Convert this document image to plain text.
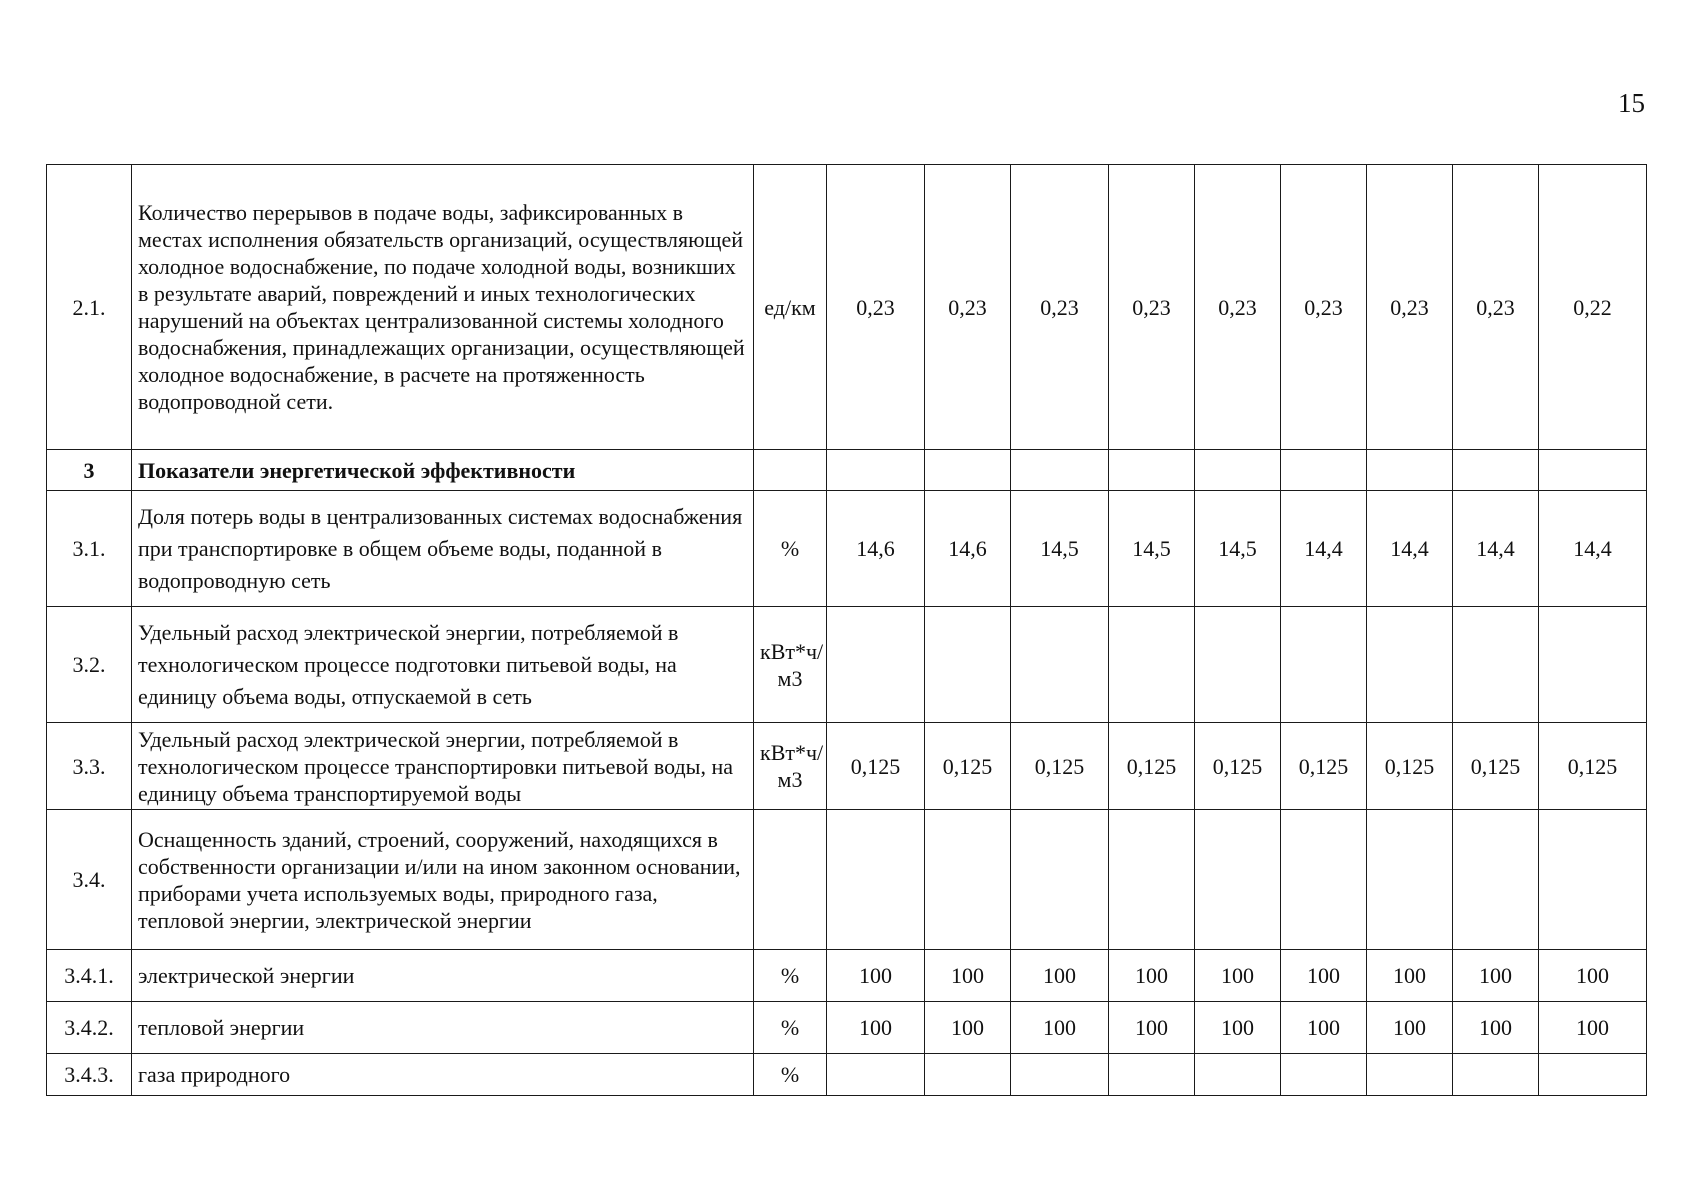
15
2.1.	Количество перерывов в подаче воды, зафиксированных в местах исполнения обязательств организаций, осуществляющей холодное водоснабжение, по подаче холодной воды, возникших в результате аварий, повреждений и иных технологических нарушений на объектах централизованной системы холодного водоснабжения, принадлежащих организации, осуществляющей холодное водоснабжение, в расчете на протяженность водопроводной сети.	ед/км	0,23	0,23	0,23	0,23	0,23	0,23	0,23	0,23	0,22
3	Показатели энергетической эффективности										
3.1.	Доля потерь воды в централизованных системах водоснабжения при транспортировке в общем объеме воды, поданной в водопроводную сеть	%	14,6	14,6	14,5	14,5	14,5	14,4	14,4	14,4	14,4
3.2.	Удельный расход электрической энергии, потребляемой в технологическом процессе подготовки питьевой воды, на единицу объема воды, отпускаемой в сеть	кВт*ч/м3									
3.3.	Удельный расход электрической энергии, потребляемой в технологическом процессе транспортировки питьевой воды, на единицу объема транспортируемой воды	кВт*ч/м3	0,125	0,125	0,125	0,125	0,125	0,125	0,125	0,125	0,125
3.4.	Оснащенность зданий, строений, сооружений, находящихся в собственности организации и/или на ином законном основании, приборами учета используемых воды, природного газа, тепловой энергии, электрической энергии										
3.4.1.	электрической энергии	%	100	100	100	100	100	100	100	100	100
3.4.2.	тепловой энергии	%	100	100	100	100	100	100	100	100	100
3.4.3.	газа природного	%									
